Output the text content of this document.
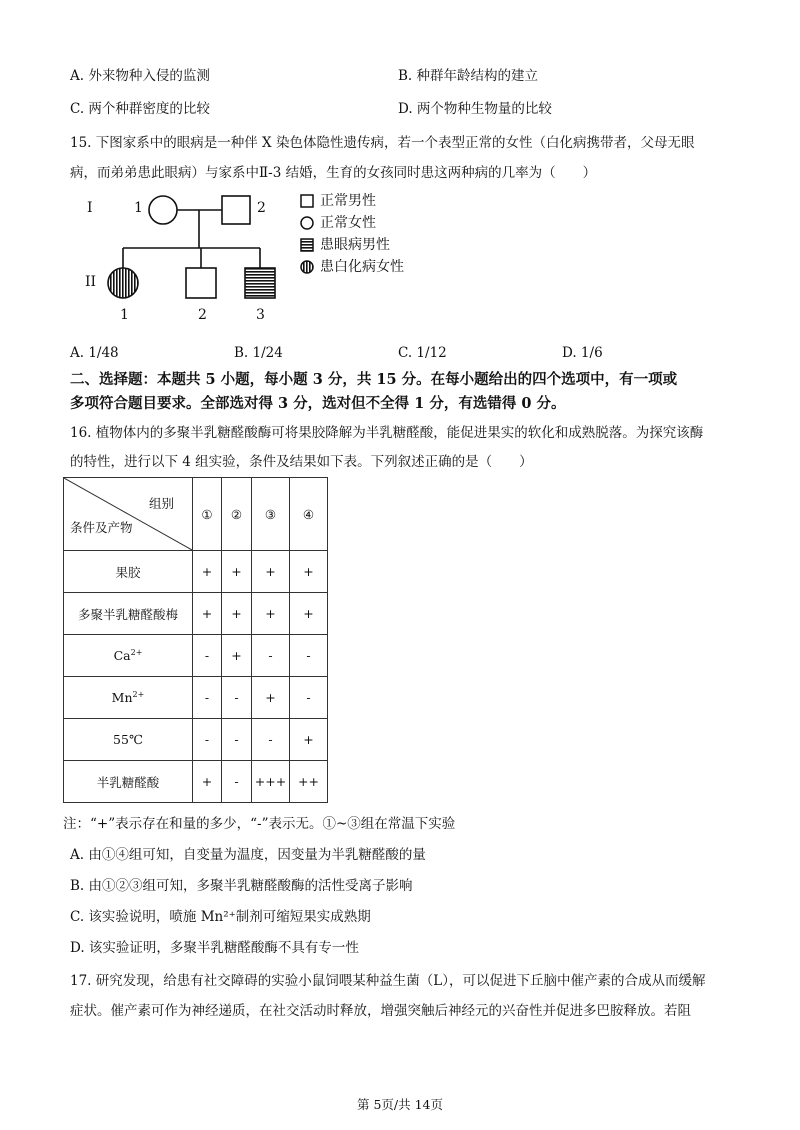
A. 外来物种入侵的监测	B. 种群年龄结构的建立
C. 两个种群密度的比较	D. 两个物种生物量的比较
15. 下图家系中的眼病是一种伴 X 染色体隐性遗传病，若一个表型正常的女性（白化病携带者，父母无眼
病，而弟弟患此眼病）与家系中Ⅱ-3 结婚，生育的女孩同时患这两种病的几率为（　　）
I	1	2
II
1	2	3
正常男性
正常女性
患眼病男性
患白化病女性
A. 1/48	B. 1/24	C. 1/12	D. 1/6
二、选择题：本题共 5 小题，每小题 3 分，共 15 分。在每小题给出的四个选项中，有一项或
多项符合题目要求。全部选对得 3 分，选对但不全得 1 分，有选错得 0 分。
16. 植物体内的多聚半乳糖醛酸酶可将果胶降解为半乳糖醛酸，能促进果实的软化和成熟脱落。为探究该酶
的特性，进行以下 4 组实验，条件及结果如下表。下列叙述正确的是（　　）
组别
条件及产物	①	②	③	④
果胶	+	+	+	+
多聚半乳糖醛酸梅	+	+	+	+
$Ca^{2+}$	-	+	-	-
$Mn^{2+}$	-	-	+	-
55℃	-	-	-	+
半乳糖醛酸	+	-	+++	++
注：“+”表示存在和量的多少，“-”表示无。①~③组在常温下实验
A. 由①④组可知，自变量为温度，因变量为半乳糖醛酸的量
B. 由①②③组可知，多聚半乳糖醛酸酶的活性受离子影响
C. 该实验说明，喷施 Mn²⁺制剂可缩短果实成熟期
D. 该实验证明，多聚半乳糖醛酸酶不具有专一性
17. 研究发现，给患有社交障碍的实验小鼠饲喂某种益生菌（L），可以促进下丘脑中催产素的合成从而缓解
症状。催产素可作为神经递质，在社交活动时释放，增强突触后神经元的兴奋性并促进多巴胺释放。若阻
第 5页/共 14页
